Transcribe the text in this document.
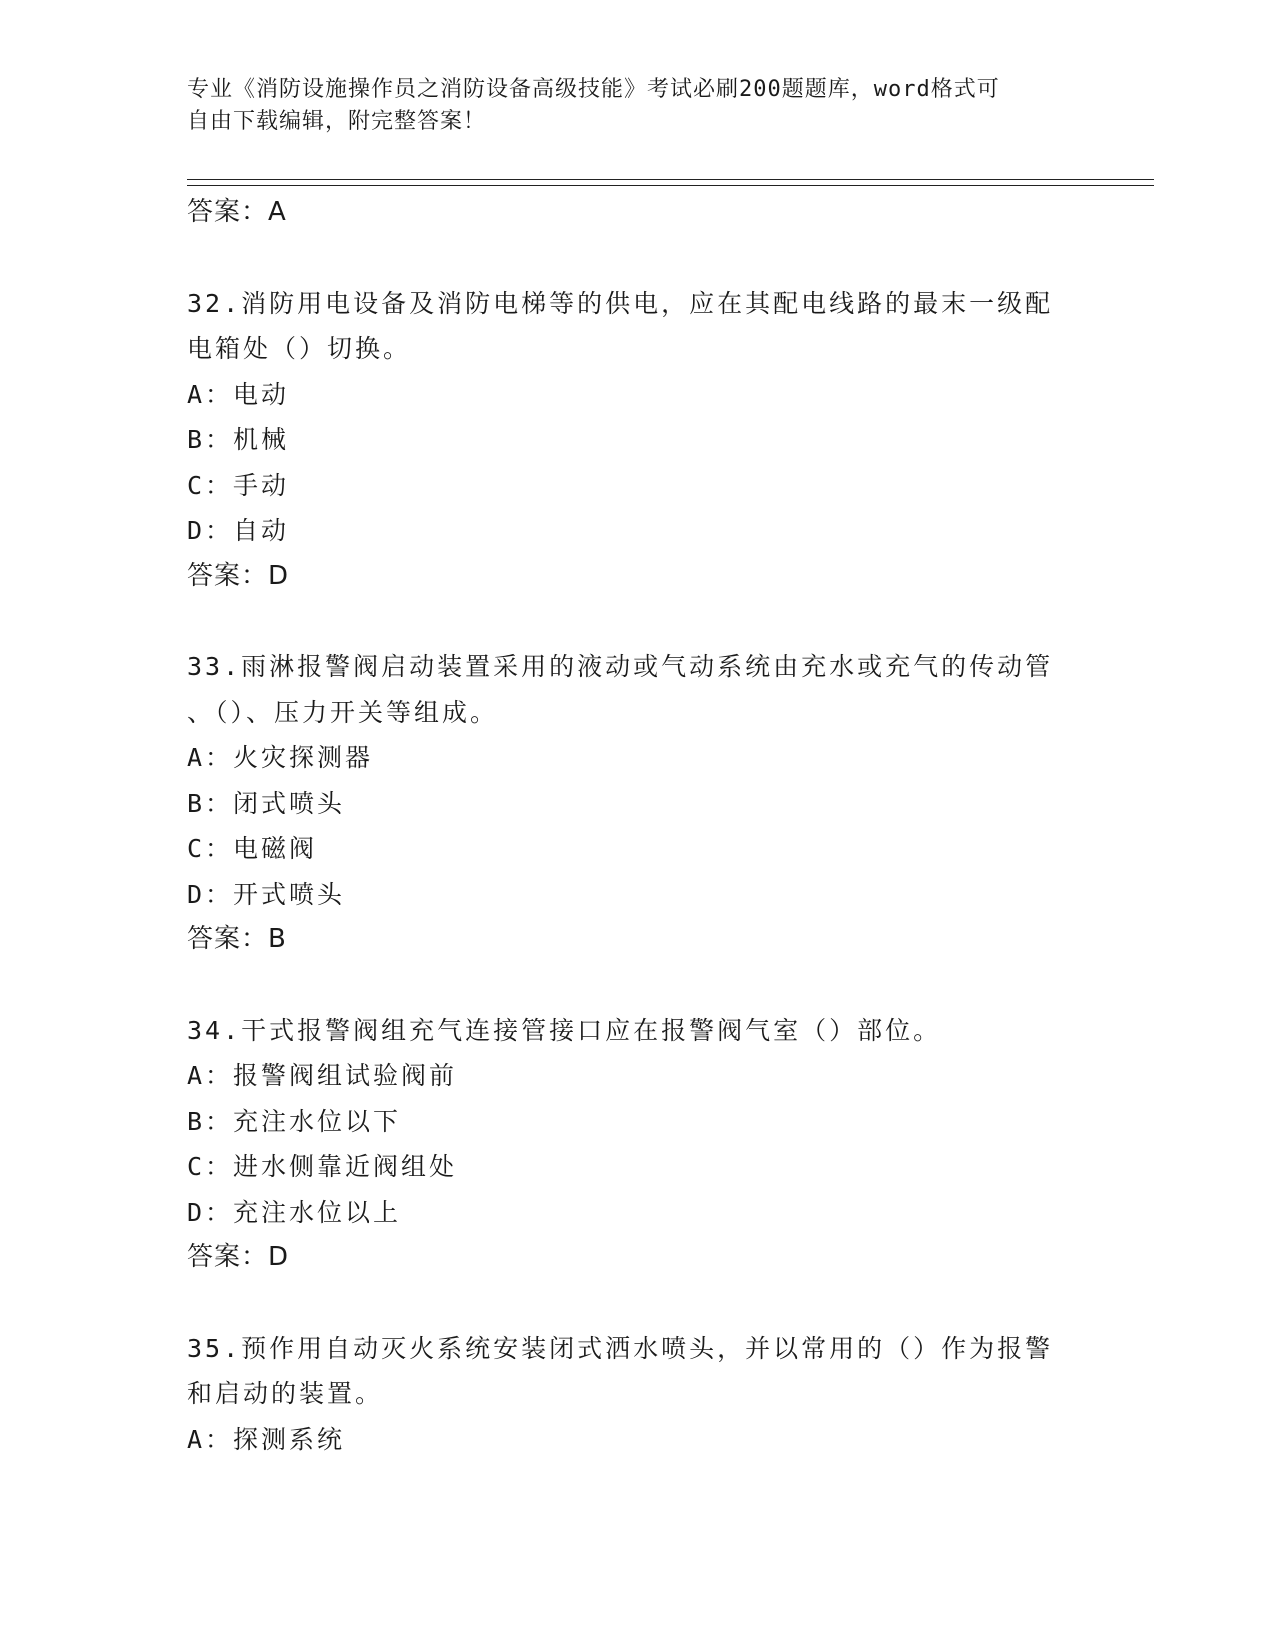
专业《消防设施操作员之消防设备高级技能》考试必刷200题题库，word格式可
自由下载编辑，附完整答案！
答案：A
32.消防用电设备及消防电梯等的供电，应在其配电线路的最末一级配
电箱处（）切换。
A：电动
B：机械
C：手动
D：自动
答案：D
33.雨淋报警阀启动装置采用的液动或气动系统由充水或充气的传动管
、（）、压力开关等组成。
A：火灾探测器
B：闭式喷头
C：电磁阀
D：开式喷头
答案：B
34.干式报警阀组充气连接管接口应在报警阀气室（）部位。
A：报警阀组试验阀前
B：充注水位以下
C：进水侧靠近阀组处
D：充注水位以上
答案：D
35.预作用自动灭火系统安装闭式洒水喷头，并以常用的（）作为报警
和启动的装置。
A：探测系统
